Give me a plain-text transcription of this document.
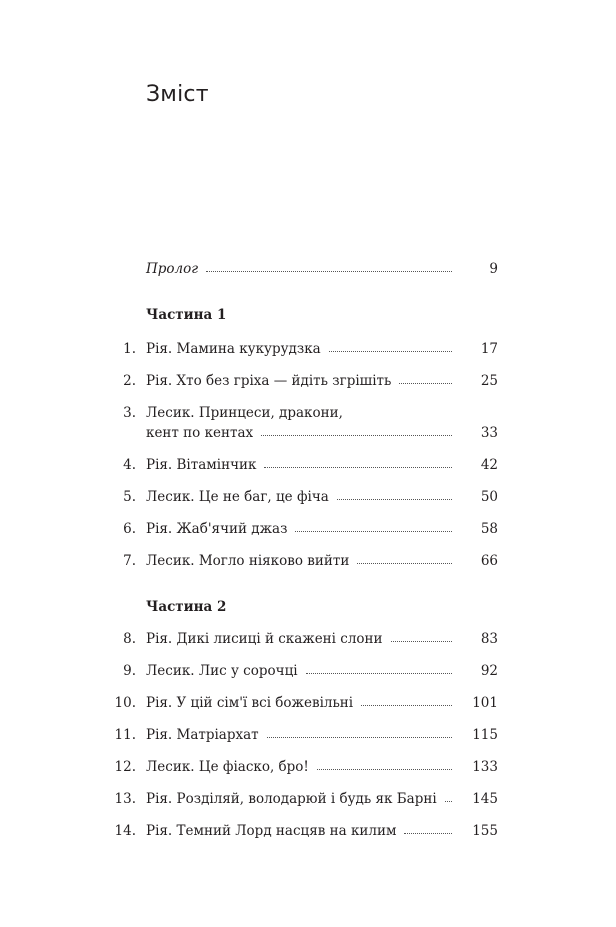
Зміст
Пролог	9
Частина 1
1. Рія. Мамина кукурудзка	17
2. Рія. Хто без гріха — йдіть згрішіть	25
3. Лесик. Принцеси, дракони,
кент по кентах	33
4. Рія. Вітамінчик	42
5. Лесик. Це не баг, це фіча	50
6. Рія. Жаб'ячий джаз	58
7. Лесик. Могло ніяково вийти	66
Частина 2
8. Рія. Дикі лисиці й скажені слони	83
9. Лесик. Лис у сорочці	92
10. Рія. У цій сім'ї всі божевільні	101
11. Рія. Матріархат	115
12. Лесик. Це фіаско, бро!	133
13. Рія. Розділяй, володарюй і будь як Барні	145
14. Рія. Темний Лорд насцяв на килим	155
